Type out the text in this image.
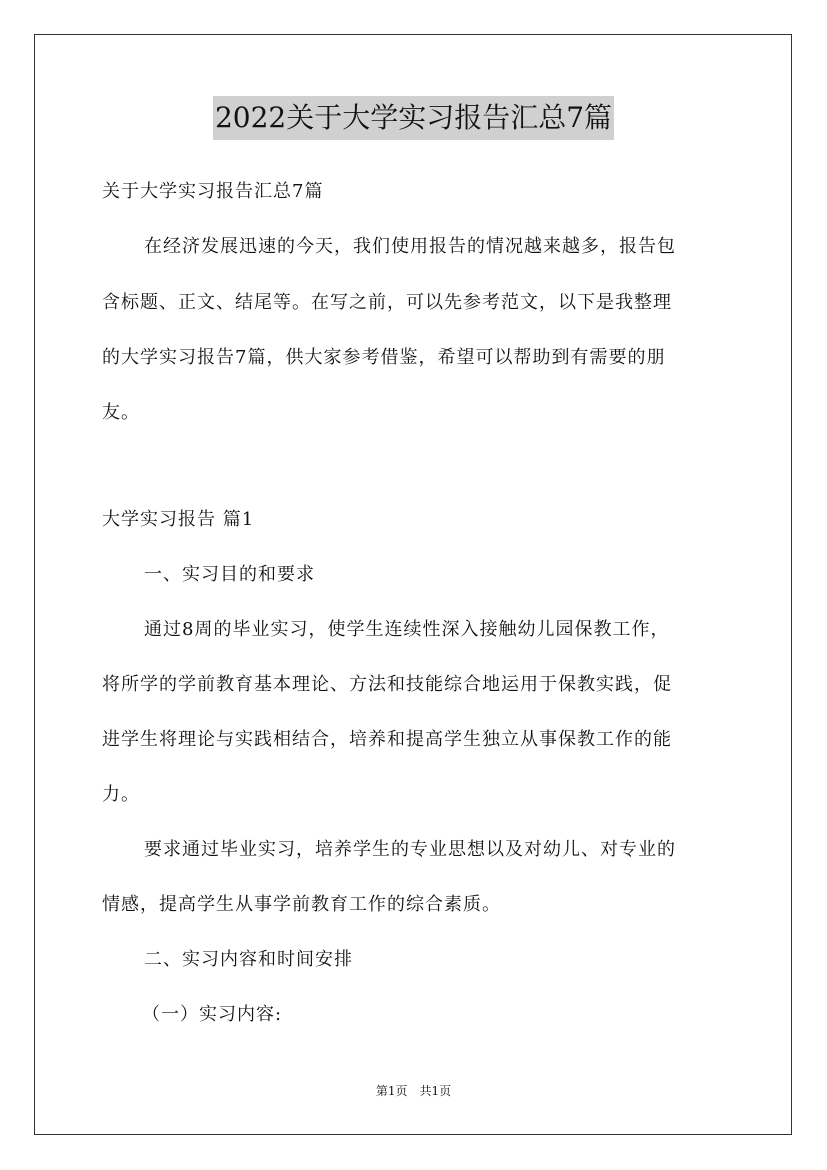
2022关于大学实习报告汇总7篇
关于大学实习报告汇总7篇
在经济发展迅速的今天，我们使用报告的情况越来越多，报告包
含标题、正文、结尾等。在写之前，可以先参考范文，以下是我整理
的大学实习报告7篇，供大家参考借鉴，希望可以帮助到有需要的朋
友。
大学实习报告 篇1
一、实习目的和要求
通过8周的毕业实习，使学生连续性深入接触幼儿园保教工作，
将所学的学前教育基本理论、方法和技能综合地运用于保教实践，促
进学生将理论与实践相结合，培养和提高学生独立从事保教工作的能
力。
要求通过毕业实习，培养学生的专业思想以及对幼儿、对专业的
情感，提高学生从事学前教育工作的综合素质。
二、实习内容和时间安排
（一）实习内容:
第1页　共1页
